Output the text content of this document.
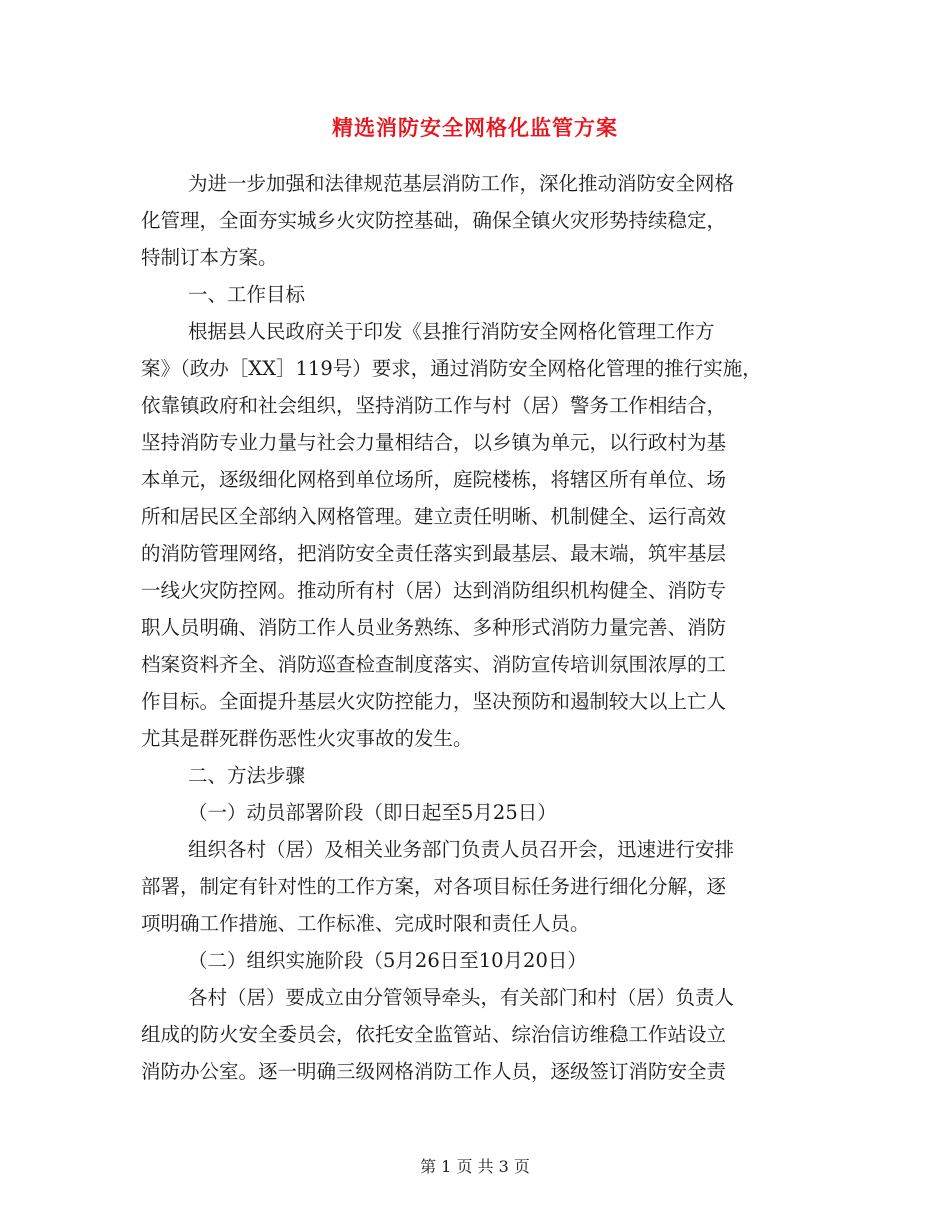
精选消防安全网格化监管方案
为进一步加强和法律规范基层消防工作，深化推动消防安全网格
化管理，全面夯实城乡火灾防控基础，确保全镇火灾形势持续稳定，
特制订本方案。
一、工作目标
根据县人民政府关于印发《县推行消防安全网格化管理工作方
案》（政办［XX］119号）要求，通过消防安全网格化管理的推行实施，
依靠镇政府和社会组织，坚持消防工作与村（居）警务工作相结合，
坚持消防专业力量与社会力量相结合，以乡镇为单元，以行政村为基
本单元，逐级细化网格到单位场所，庭院楼栋，将辖区所有单位、场
所和居民区全部纳入网格管理。建立责任明晰、机制健全、运行高效
的消防管理网络，把消防安全责任落实到最基层、最末端，筑牢基层
一线火灾防控网。推动所有村（居）达到消防组织机构健全、消防专
职人员明确、消防工作人员业务熟练、多种形式消防力量完善、消防
档案资料齐全、消防巡查检查制度落实、消防宣传培训氛围浓厚的工
作目标。全面提升基层火灾防控能力，坚决预防和遏制较大以上亡人
尤其是群死群伤恶性火灾事故的发生。
二、方法步骤
（一）动员部署阶段（即日起至5月25日）
组织各村（居）及相关业务部门负责人员召开会，迅速进行安排
部署，制定有针对性的工作方案，对各项目标任务进行细化分解，逐
项明确工作措施、工作标准、完成时限和责任人员。
（二）组织实施阶段（5月26日至10月20日）
各村（居）要成立由分管领导牵头，有关部门和村（居）负责人
组成的防火安全委员会，依托安全监管站、综治信访维稳工作站设立
消防办公室。逐一明确三级网格消防工作人员，逐级签订消防安全责
第 1 页 共 3 页
